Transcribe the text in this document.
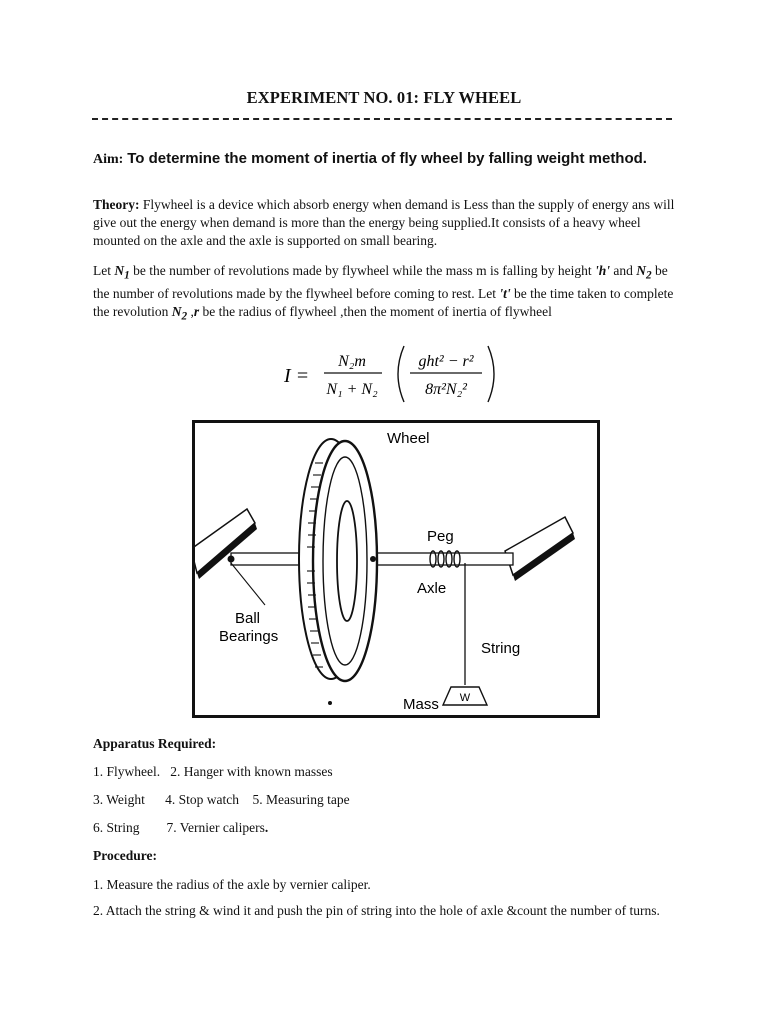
EXPERIMENT NO. 01: FLY WHEEL
Aim: To determine the moment of inertia of fly wheel by falling weight method.
Theory: Flywheel is a device which absorb energy when demand is Less than the supply of energy ans will give out the energy when demand is more than the energy being supplied.It consists of a heavy wheel mounted on the axle and the axle is supported on small bearing.
Let $N_1$ be the number of revolutions made by flywheel while the mass m is falling by height 'h' and $N_2$ be the number of revolutions made by the flywheel before coming to rest. Let 't' be the time taken to complete the revolution $N_2$ ,r be the radius of flywheel ,then the moment of inertia of flywheel
I =
N₂m
N₁ + N₂
ght² − r²
8π²N₂²
W
Wheel
Peg
Axle
Ball
Bearings
String
Mass
Apparatus Required:
1. Flywheel.   2. Hanger with known masses
3. Weight      4. Stop watch    5. Measuring tape
6. String        7. Vernier calipers.
Procedure:
1. Measure the radius of the axle by vernier caliper.
2. Attach the string & wind it and push the pin of string into the hole of axle &count the number of turns.
